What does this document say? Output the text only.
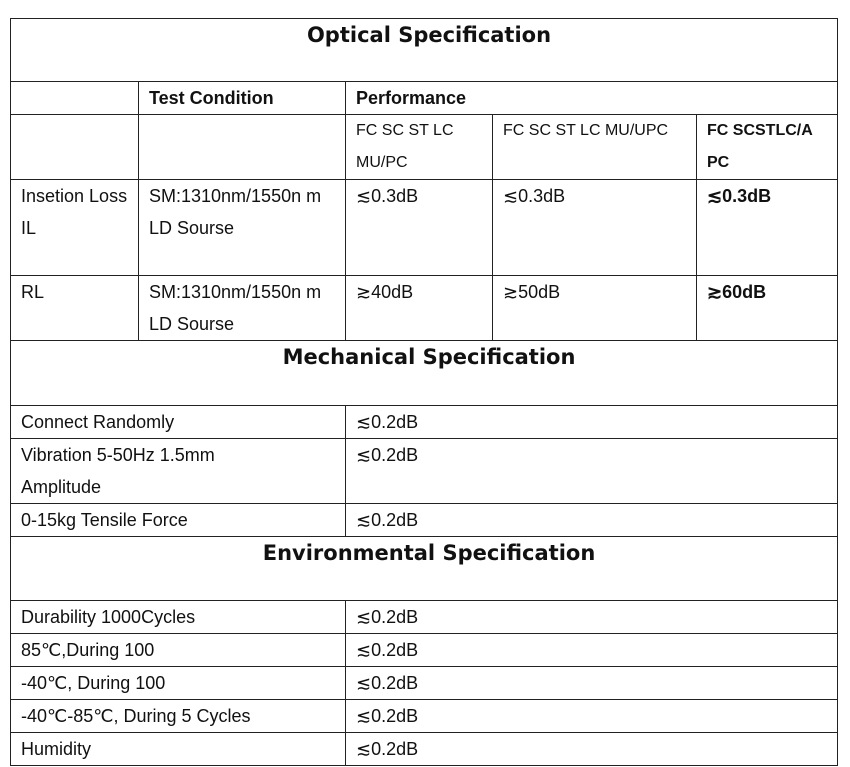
Optical Specification				
	Test Condition	Performance		
		FC SC ST LC MU/PC	FC SC ST LC MU/UPC	FC SCSTLC/A PC
Insetion Loss IL	SM:1310nm/1550n m LD Sourse	≲0.3dB	≲0.3dB	≲0.3dB
RL	SM:1310nm/1550n m LD Sourse	≳40dB	≳50dB	≳60dB
Mechanical Specification				
Connect Randomly		≲0.2dB		
Vibration 5-50Hz 1.5mm Amplitude		≲0.2dB		
0-15kg Tensile Force		≲0.2dB		
Environmental Specification				
Durability 1000Cycles		≲0.2dB		
85℃,During 100		≲0.2dB		
-40℃, During 100		≲0.2dB		
-40℃-85℃, During 5 Cycles		≲0.2dB		
Humidity		≲0.2dB		
